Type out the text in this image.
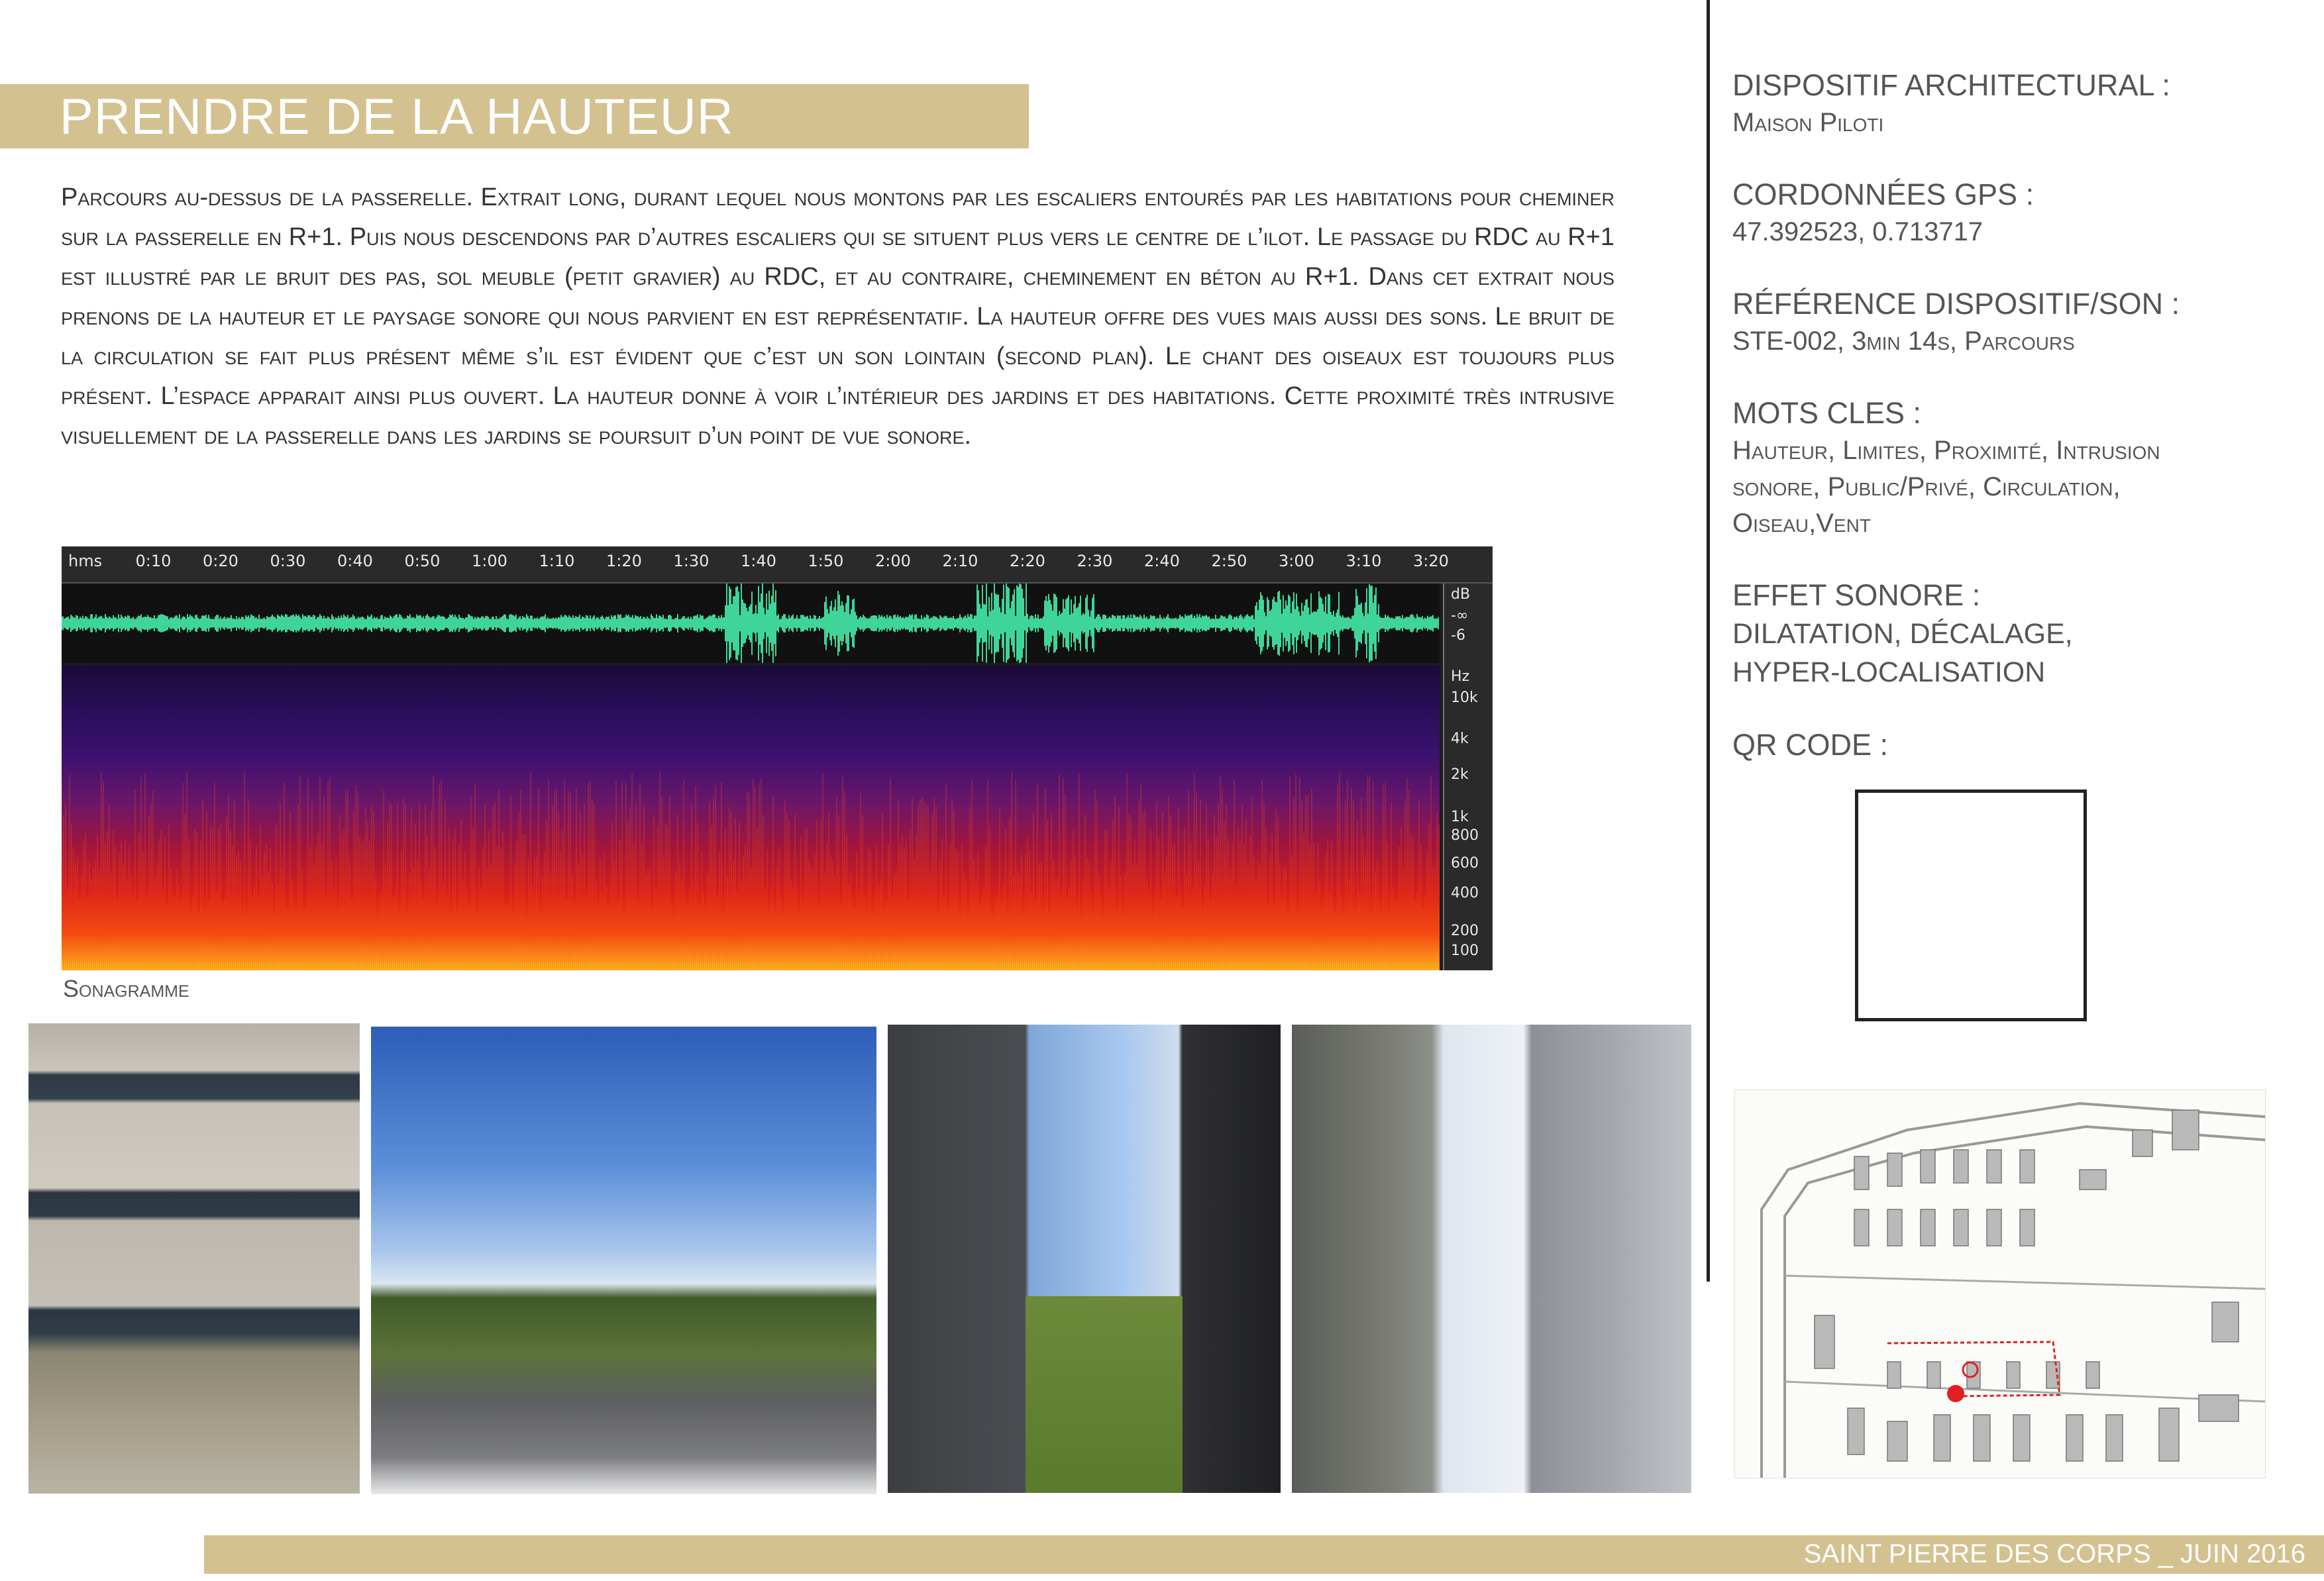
PRENDRE DE LA HAUTEUR
Parcours au-dessus de la passerelle. Extrait long, durant lequel nous montons par les escaliers entourés par les habitations pour cheminer sur la passerelle en R+1. Puis nous descendons par d’autres escaliers qui se situent plus vers le centre de l’ilot. Le passage du RDC au R+1 est illustré par le bruit des pas, sol meuble (petit gravier) au RDC, et au contraire, cheminement en béton au R+1. Dans cet extrait nous prenons de la hauteur et le paysage sonore qui nous parvient en est représentatif. La hauteur offre des vues mais aussi des sons. Le bruit de la circulation se fait plus présent même s’il est évident que c’est un son lointain (second plan). Le chant des oiseaux est toujours plus présent. L’espace apparait ainsi plus ouvert. La hauteur donne à voir l’intérieur des jardins et des habitations. Cette proximité très intrusive visuellement de la passerelle dans les jardins se poursuit d’un point de vue sonore.
hms 0:10 0:20 0:30 0:40 0:50 1:00 1:10 1:20 1:30 1:40 1:50 2:00 2:10 2:20 2:30 2:40 2:50 3:00 3:10 3:20
dB
-∞
-6
Hz
10k
4k
2k
1k
800
600
400
200
100
Sonagramme
DISPOSITIF ARCHITECTURAL :
Maison Piloti
CORDONNÉES GPS :
47.392523, 0.713717
RÉFÉRENCE DISPOSITIF/SON :
STE-002, 3min 14s, Parcours
MOTS CLES :
Hauteur, Limites, Proximité, Intrusion sonore, Public/Privé, Circulation, Oiseau,Vent
EFFET SONORE :
DILATATION, DÉCALAGE, HYPER-LOCALISATION
QR CODE :
SAINT PIERRE DES CORPS _ JUIN 2016
